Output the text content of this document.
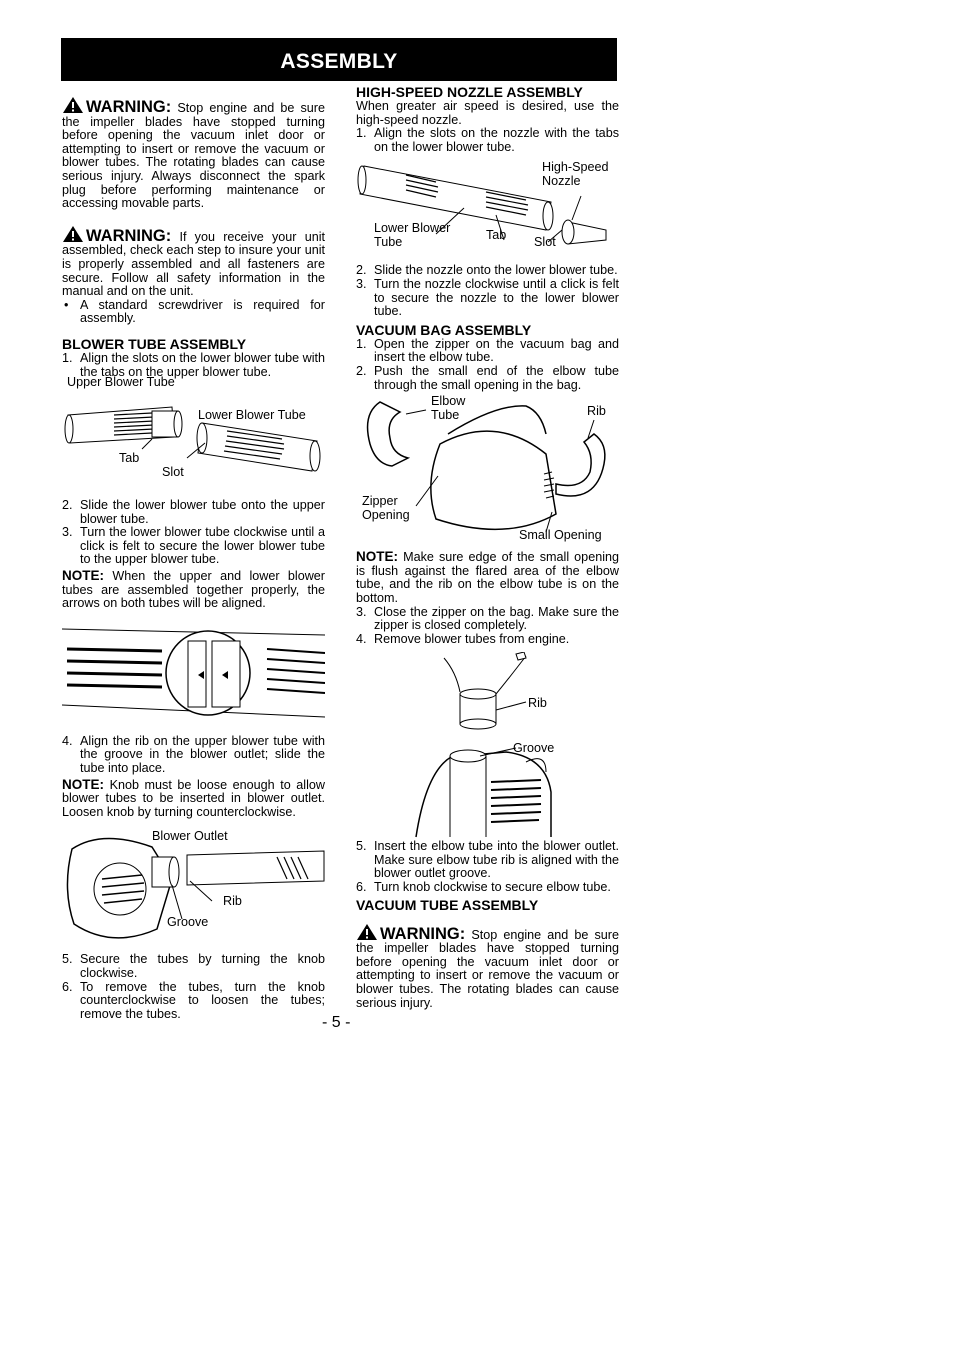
ASSEMBLY

WARNING: Stop engine and be sure the impeller blades have stopped turning before opening the vacuum inlet door or attempting to insert or remove the vacuum or blower tubes. The rotating blades can cause serious injury. Always disconnect the spark plug before performing maintenance or accessing movable parts.

WARNING: If you receive your unit assembled, check each step to insure your unit is properly assembled and all fasteners are secure. Follow all safety information in the manual and on the unit.

• A standard screwdriver is required for assembly.
BLOWER TUBE ASSEMBLY
1. Align the slots on the lower blower tube with the tabs on the upper blower tube.
Upper Blower Tube
Lower Blower Tube
Tab
Slot
2. Slide the lower blower tube onto the upper blower tube.
3. Turn the lower blower tube clockwise until a click is felt to secure the lower blower tube to the upper blower tube.

NOTE: When the upper and lower blower tubes are assembled together properly, the arrows on both tubes will be aligned.

4. Align the rib on the upper blower tube with the groove in the blower outlet; slide the tube into place.

NOTE: Knob must be loose enough to allow blower tubes to be inserted in blower outlet. Loosen knob by turning counterclockwise.

Blower Outlet
Rib
Groove
5. Secure the tubes by turning the knob clockwise.
6. To remove the tubes, turn the knob counterclockwise to loosen the tubes; remove the tubes.
HIGH-SPEED NOZZLE ASSEMBLY

When greater air speed is desired, use the high-speed nozzle.

1. Align the slots on the nozzle with the tabs on the lower blower tube.
High-Speed
Nozzle
Lower Blower
Tube	Tab Slot
2. Slide the nozzle onto the lower blower tube.
3. Turn the nozzle clockwise until a click is felt to secure the nozzle to the lower blower tube.
VACUUM BAG ASSEMBLY
1. Open the zipper on the vacuum bag and insert the elbow tube.
2. Push the small end of the elbow tube through the small opening in the bag.
Elbow
Tube	Rib
Zipper
Opening
Small Opening

NOTE: Make sure edge of the small opening is flush against the flared area of the elbow tube, and the rib on the elbow tube is on the bottom.

3. Close the zipper on the bag. Make sure the zipper is closed completely.
4. Remove blower tubes from engine.
Rib
Groove
5. Insert the elbow tube into the blower outlet. Make sure elbow tube rib is aligned with the blower outlet groove.
6. Turn knob clockwise to secure elbow tube.
VACUUM TUBE ASSEMBLY

WARNING: Stop engine and be sure the impeller blades have stopped turning before opening the vacuum inlet door or attempting to insert or remove the vacuum or blower tubes. The rotating blades can cause serious injury.

- 5 -
